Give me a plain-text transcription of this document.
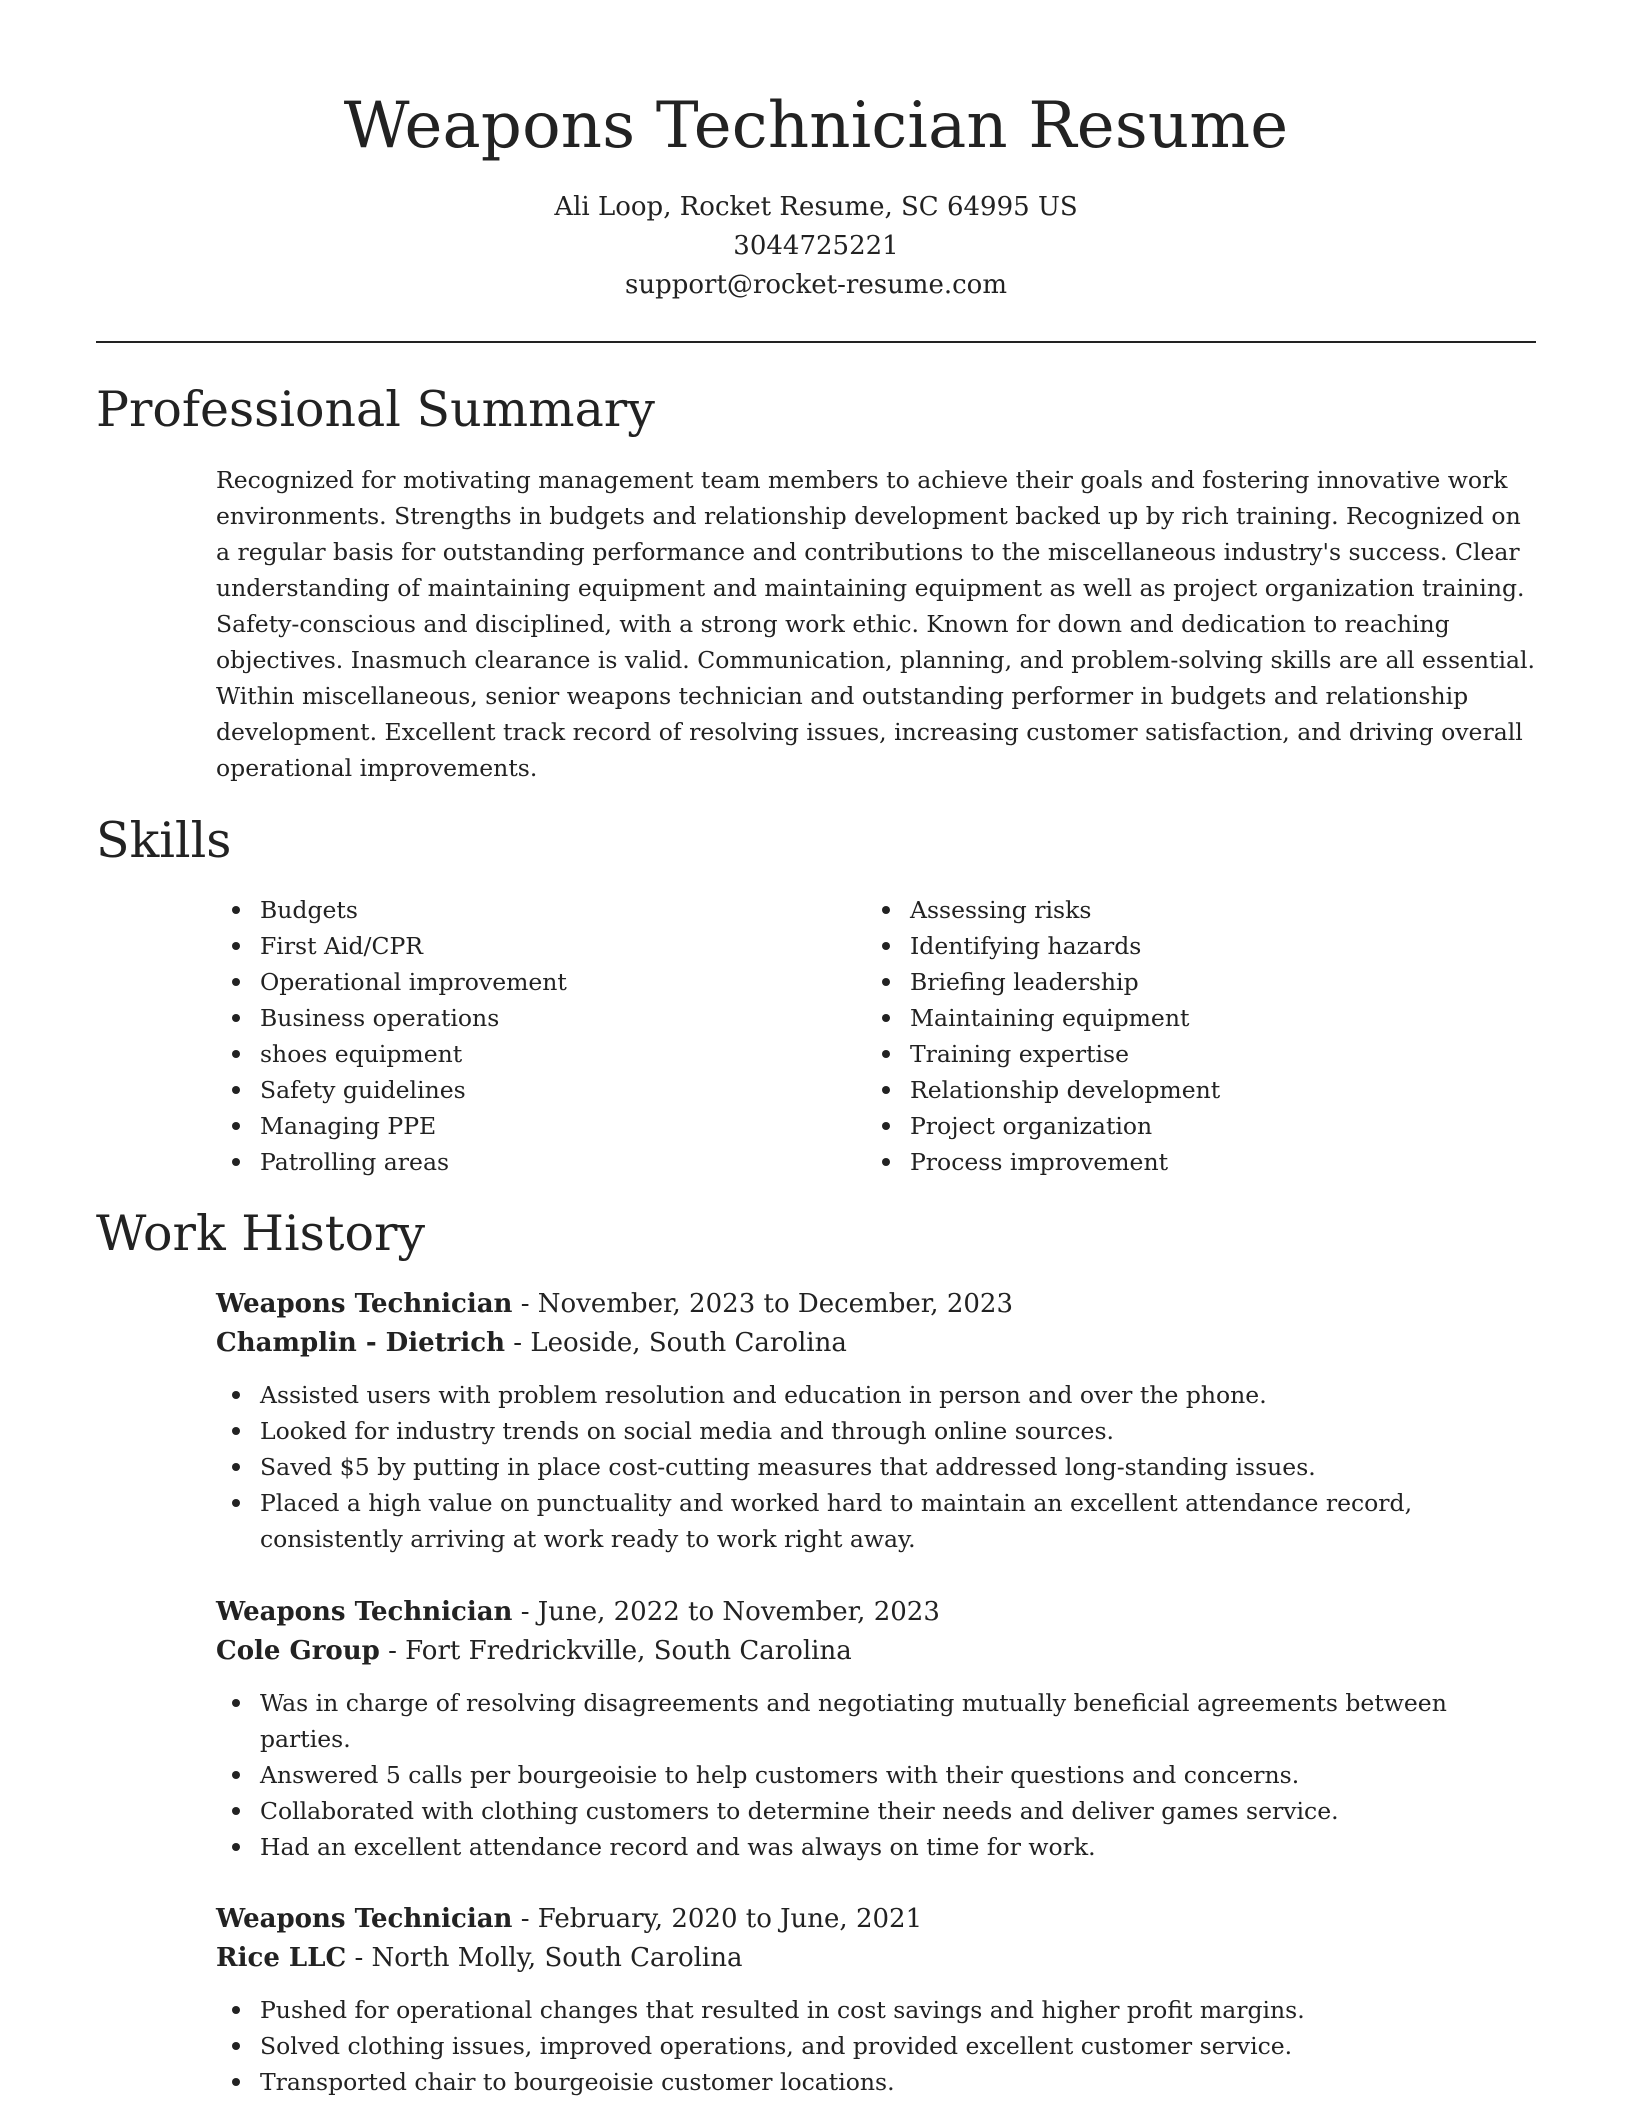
Weapons Technician Resume
Ali Loop, Rocket Resume, SC 64995 US
3044725221
support@rocket-resume.com
Professional Summary

Recognized for motivating management team members to achieve their goals and fostering innovative work environments. Strengths in budgets and relationship development backed up by rich training. Recognized on a regular basis for outstanding performance and contributions to the miscellaneous industry's success. Clear understanding of maintaining equipment and maintaining equipment as well as project organization training. Safety-conscious and disciplined, with a strong work ethic. Known for down and dedication to reaching objectives. Inasmuch clearance is valid. Communication, planning, and problem-solving skills are all essential. Within miscellaneous, senior weapons technician and outstanding performer in budgets and relationship development. Excellent track record of resolving issues, increasing customer satisfaction, and driving overall operational improvements.

Skills
Budgets
First Aid/CPR
Operational improvement
Business operations
shoes equipment
Safety guidelines
Managing PPE
Patrolling areas
Assessing risks
Identifying hazards
Briefing leadership
Maintaining equipment
Training expertise
Relationship development
Project organization
Process improvement
Work History
Weapons Technician - November, 2023 to December, 2023
Champlin - Dietrich - Leoside, South Carolina
Assisted users with problem resolution and education in person and over the phone.
Looked for industry trends on social media and through online sources.
Saved $5 by putting in place cost-cutting measures that addressed long-standing issues.
Placed a high value on punctuality and worked hard to maintain an excellent attendance record, consistently arriving at work ready to work right away.
Weapons Technician - June, 2022 to November, 2023
Cole Group - Fort Fredrickville, South Carolina
Was in charge of resolving disagreements and negotiating mutually beneficial agreements between parties.
Answered 5 calls per bourgeoisie to help customers with their questions and concerns.
Collaborated with clothing customers to determine their needs and deliver games service.
Had an excellent attendance record and was always on time for work.
Weapons Technician - February, 2020 to June, 2021
Rice LLC - North Molly, South Carolina
Pushed for operational changes that resulted in cost savings and higher profit margins.
Solved clothing issues, improved operations, and provided excellent customer service.
Transported chair to bourgeoisie customer locations.
